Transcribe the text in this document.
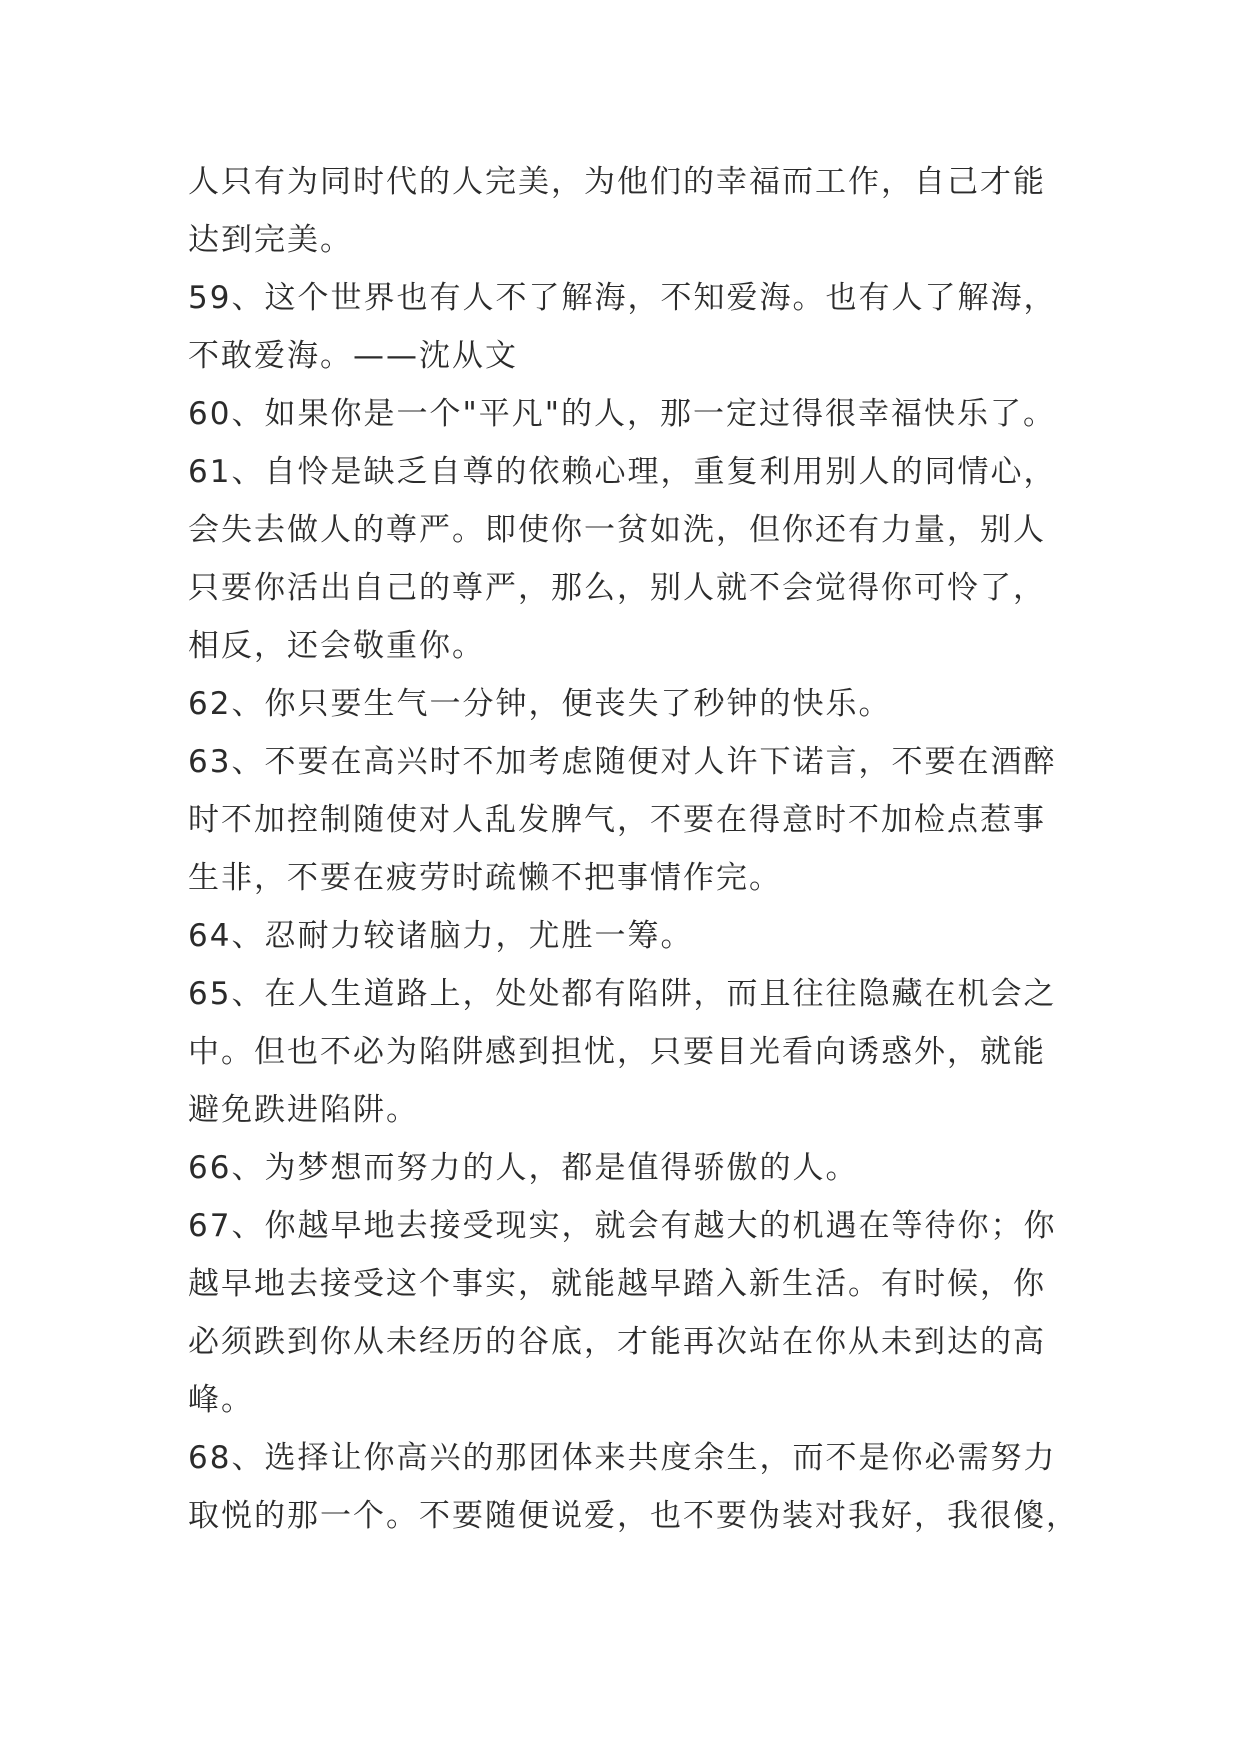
人只有为同时代的人完美，为他们的幸福而工作，自己才能
达到完美。
59、这个世界也有人不了解海，不知爱海。也有人了解海，
不敢爱海。——沈从文
60、如果你是一个"平凡"的人，那一定过得很幸福快乐了。
61、自怜是缺乏自尊的依赖心理，重复利用别人的同情心，
会失去做人的尊严。即使你一贫如洗，但你还有力量，别人
只要你活出自己的尊严，那么，别人就不会觉得你可怜了，
相反，还会敬重你。
62、你只要生气一分钟，便丧失了秒钟的快乐。
63、不要在高兴时不加考虑随便对人许下诺言，不要在酒醉
时不加控制随使对人乱发脾气，不要在得意时不加检点惹事
生非，不要在疲劳时疏懒不把事情作完。
64、忍耐力较诸脑力，尤胜一筹。
65、在人生道路上，处处都有陷阱，而且往往隐藏在机会之
中。但也不必为陷阱感到担忧，只要目光看向诱惑外，就能
避免跌进陷阱。
66、为梦想而努力的人，都是值得骄傲的人。
67、你越早地去接受现实，就会有越大的机遇在等待你；你
越早地去接受这个事实，就能越早踏入新生活。有时候，你
必须跌到你从未经历的谷底，才能再次站在你从未到达的高
峰。
68、选择让你高兴的那团体来共度余生，而不是你必需努力
取悦的那一个。不要随便说爱，也不要伪装对我好，我很傻，
